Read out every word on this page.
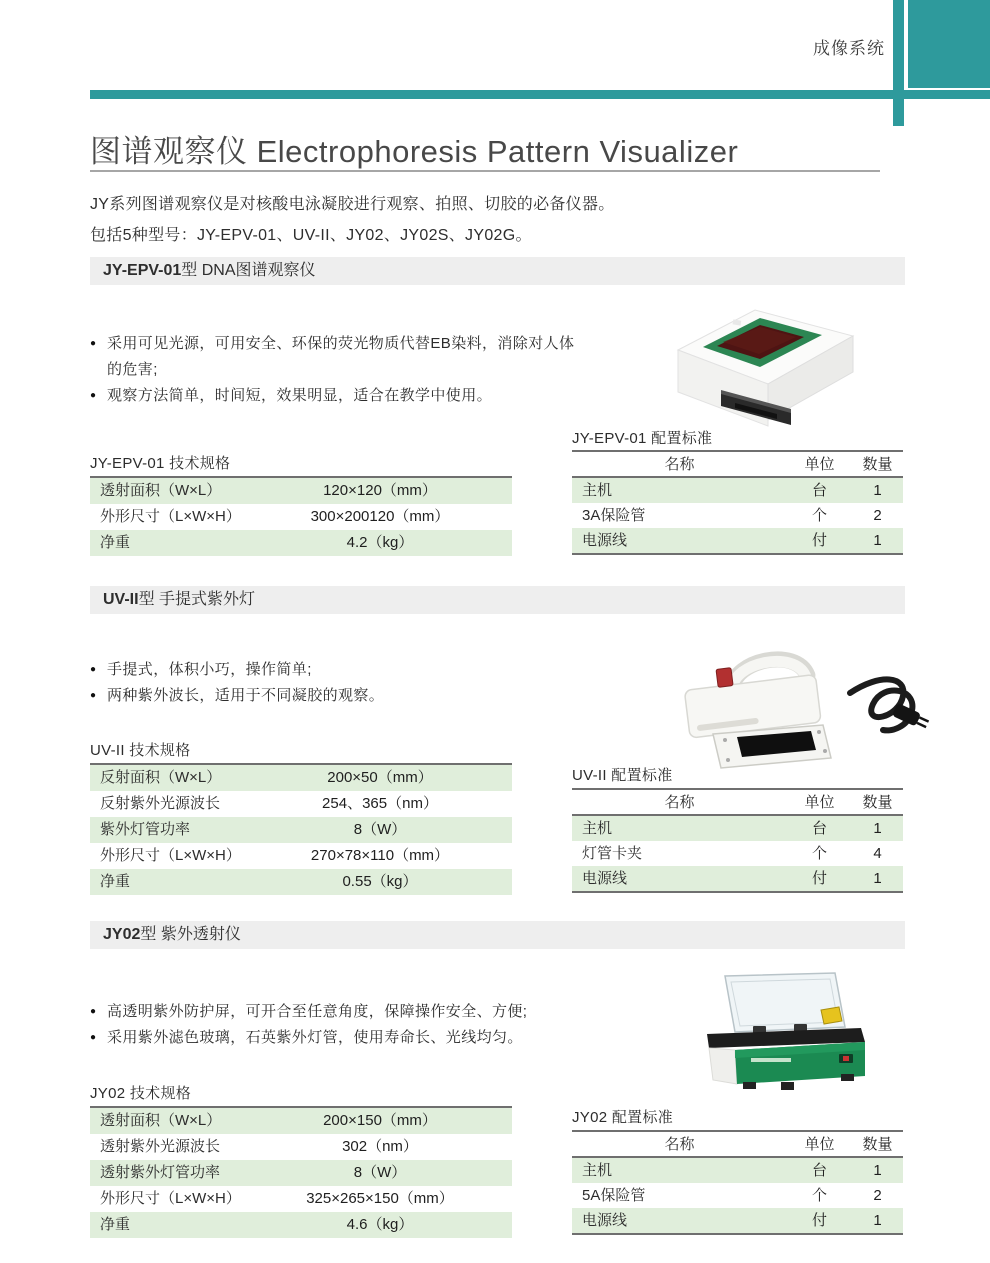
成像系统
图谱观察仪 Electrophoresis Pattern Visualizer

JY系列图谱观察仪是对核酸电泳凝胶进行观察、拍照、切胶的必备仪器。

包括5种型号：JY-EPV-01、UV-II、JY02、JY02S、JY02G。

JY-EPV-01型 DNA图谱观察仪
● 采用可见光源，可用安全、环保的荧光物质代替EB染料，消除对人体的危害;
● 观察方法简单，时间短，效果明显，适合在教学中使用。
JY-EPV-01 技术规格
透射面积（W×L）	120×120（mm）
外形尺寸（L×W×H）	300×200120（mm）
净重	4.2（kg）
JY-EPV-01 配置标准
名称	单位	数量
主机	台	1
3A保险管	个	2
电源线	付	1
UV-II型 手提式紫外灯
● 手提式，体积小巧，操作简单;
● 两种紫外波长，适用于不同凝胶的观察。
UV-II 技术规格
反射面积（W×L）	200×50（mm）
反射紫外光源波长	254、365（nm）
紫外灯管功率	8（W）
外形尺寸（L×W×H）	270×78×110（mm）
净重	0.55（kg）
UV-II 配置标准
名称	单位	数量
主机	台	1
灯管卡夹	个	4
电源线	付	1
JY02型 紫外透射仪
● 高透明紫外防护屏，可开合至任意角度，保障操作安全、方便;
● 采用紫外滤色玻璃，石英紫外灯管，使用寿命长、光线均匀。
JY02 技术规格
透射面积（W×L）	200×150（mm）
透射紫外光源波长	302（nm）
透射紫外灯管功率	8（W）
外形尺寸（L×W×H）	325×265×150（mm）
净重	4.6（kg）
JY02 配置标准
名称	单位	数量
主机	台	1
5A保险管	个	2
电源线	付	1
